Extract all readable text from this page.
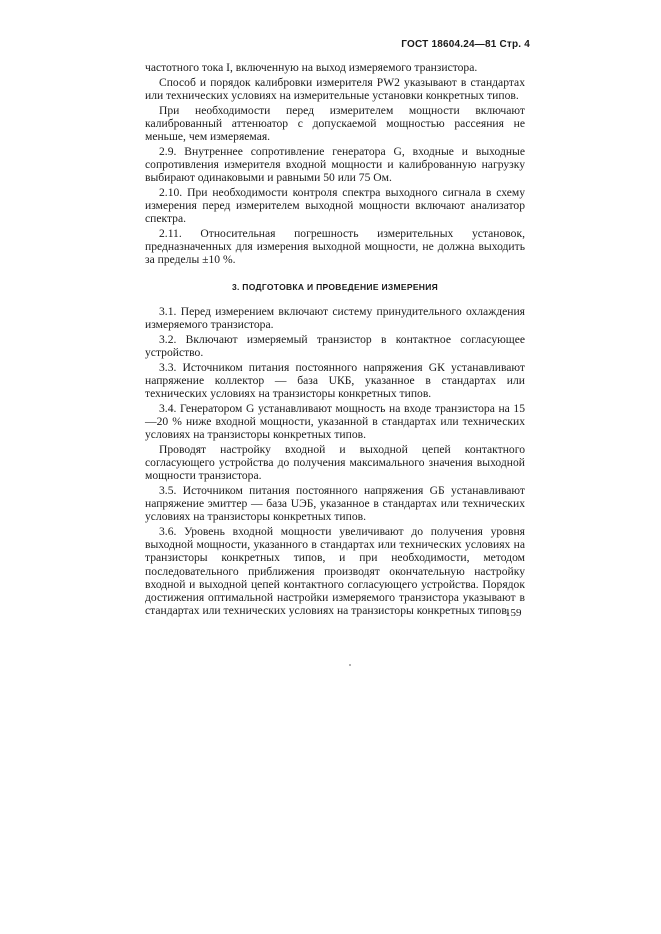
ГОСТ 18604.24—81 Стр. 4

частотного тока I, включенную на выход измеряемого транзистора.

Способ и порядок калибровки измерителя PW2 указывают в стандартах или технических условиях на измерительные установки конкретных типов.

При необходимости перед измерителем мощности включают калиброванный аттенюатор с допускаемой мощностью рассеяния не меньше, чем измеряемая.

2.9. Внутреннее сопротивление генератора G, входные и выходные сопротивления измерителя входной мощности и калиброванную нагрузку выбирают одинаковыми и равными 50 или 75 Ом.

2.10. При необходимости контроля спектра выходного сигнала в схему измерения перед измерителем выходной мощности включают анализатор спектра.

2.11. Относительная погрешность измерительных установок, предназначенных для измерения выходной мощности, не должна выходить за пределы ±10 %.

3. ПОДГОТОВКА И ПРОВЕДЕНИЕ ИЗМЕРЕНИЯ

3.1. Перед измерением включают систему принудительного охлаждения измеряемого транзистора.

3.2. Включают измеряемый транзистор в контактное согласующее устройство.

3.3. Источником питания постоянного напряжения GК устанавливают напряжение коллектор — база UКБ, указанное в стандартах или технических условиях на транзисторы конкретных типов.

3.4. Генератором G устанавливают мощность на входе транзистора на 15—20 % ниже входной мощности, указанной в стандартах или технических условиях на транзисторы конкретных типов.

Проводят настройку входной и выходной цепей контактного согласующего устройства до получения максимального значения выходной мощности транзистора.

3.5. Источником питания постоянного напряжения GБ устанавливают напряжение эмиттер — база UЭБ, указанное в стандартах или технических условиях на транзисторы конкретных типов.

3.6. Уровень входной мощности увеличивают до получения уровня выходной мощности, указанного в стандартах или технических условиях на транзисторы конкретных типов, и при необходимости, методом последовательного приближения производят окончательную настройку входной и выходной цепей контактного согласующего устройства. Порядок достижения оптимальной настройки измеряемого транзистора указывают в стандартах или технических условиях на транзисторы конкретных типов.

159
